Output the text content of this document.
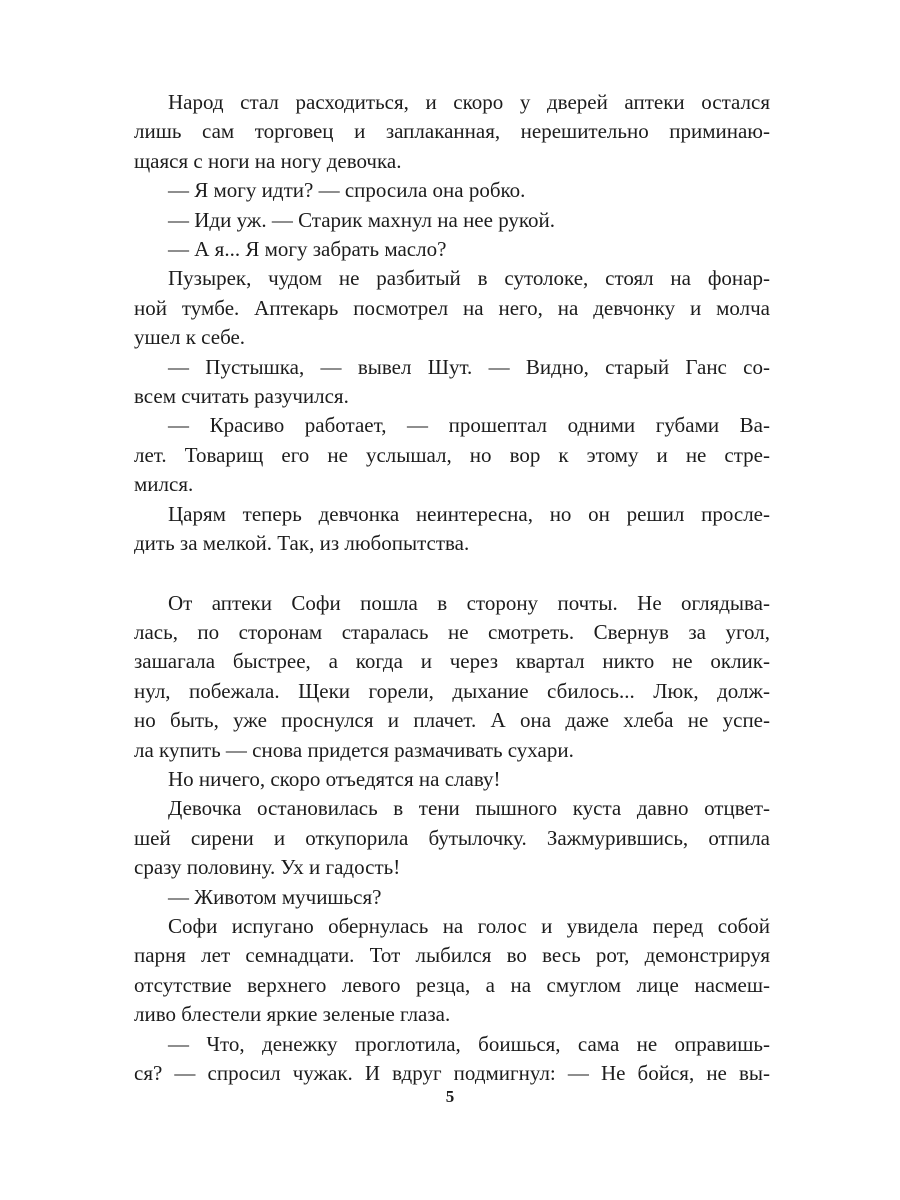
Народ стал расходиться, и скоро у дверей аптеки остался
лишь сам торговец и заплаканная, нерешительно приминаю-
щаяся с ноги на ногу девочка.
— Я могу идти? — спросила она робко.
— Иди уж. — Старик махнул на нее рукой.
— А я... Я могу забрать масло?
Пузырек, чудом не разбитый в сутолоке, стоял на фонар-
ной тумбе. Аптекарь посмотрел на него, на девчонку и молча
ушел к себе.
— Пустышка, — вывел Шут. — Видно, старый Ганс со-
всем считать разучился.
— Красиво работает, — прошептал одними губами Ва-
лет. Товарищ его не услышал, но вор к этому и не стре-
мился.
Царям теперь девчонка неинтересна, но он решил просле-
дить за мелкой. Так, из любопытства.
От аптеки Софи пошла в сторону почты. Не оглядыва-
лась, по сторонам старалась не смотреть. Свернув за угол,
зашагала быстрее, а когда и через квартал никто не оклик-
нул, побежала. Щеки горели, дыхание сбилось... Люк, долж-
но быть, уже проснулся и плачет. А она даже хлеба не успе-
ла купить — снова придется размачивать сухари.
Но ничего, скоро отъедятся на славу!
Девочка остановилась в тени пышного куста давно отцвет-
шей сирени и откупорила бутылочку. Зажмурившись, отпила
сразу половину. Ух и гадость!
— Животом мучишься?
Софи испугано обернулась на голос и увидела перед собой
парня лет семнадцати. Тот лыбился во весь рот, демонстрируя
отсутствие верхнего левого резца, а на смуглом лице насмеш-
ливо блестели яркие зеленые глаза.
— Что, денежку проглотила, боишься, сама не оправишь-
ся? — спросил чужак. И вдруг подмигнул: — Не бойся, не вы-
5
